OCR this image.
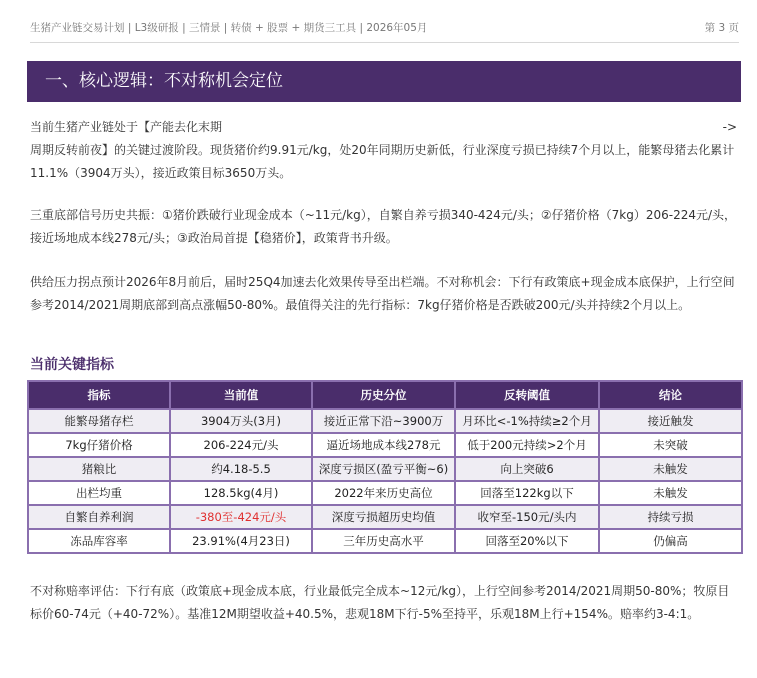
生猪产业链交易计划 | L3级研报 | 三情景 | 转债 + 股票 + 期货三工具 | 2026年05月	第 3 页
一、核心逻辑：不对称机会定位
当前生猪产业链处于【产能去化末期	->
周期反转前夜】的关键过渡阶段。现货猪价约9.91元/kg，处20年同期历史新低，行业深度亏损已持续7个月以上，能繁母猪去化累计11.1%（3904万头），接近政策目标3650万头。
三重底部信号历史共振：①猪价跌破行业现金成本（~11元/kg），自繁自养亏损340-424元/头；②仔猪价格（7kg）206-224元/头，接近场地成本线278元/头；③政治局首提【稳猪价】，政策背书升级。
供给压力拐点预计2026年8月前后，届时25Q4加速去化效果传导至出栏端。不对称机会：下行有政策底+现金成本底保护，上行空间参考2014/2021周期底部到高点涨幅50-80%。最值得关注的先行指标：7kg仔猪价格是否跌破200元/头并持续2个月以上。
当前关键指标
指标	当前值	历史分位	反转阈值	结论
能繁母猪存栏	3904万头(3月)	接近正常下沿~3900万	月环比<-1%持续≥2个月	接近触发
7kg仔猪价格	206-224元/头	逼近场地成本线278元	低于200元持续>2个月	未突破
猪粮比	约4.18-5.5	深度亏损区(盈亏平衡~6)	向上突破6	未触发
出栏均重	128.5kg(4月)	2022年来历史高位	回落至122kg以下	未触发
自繁自养利润	-380至-424元/头	深度亏损超历史均值	收窄至-150元/头内	持续亏损
冻品库容率	23.91%(4月23日)	三年历史高水平	回落至20%以下	仍偏高
不对称赔率评估：下行有底（政策底+现金成本底，行业最低完全成本~12元/kg），上行空间参考2014/2021周期50-80%；牧原目标价60-74元（+40-72%）。基准12M期望收益+40.5%，悲观18M下行-5%至持平，乐观18M上行+154%。赔率约3-4:1。
